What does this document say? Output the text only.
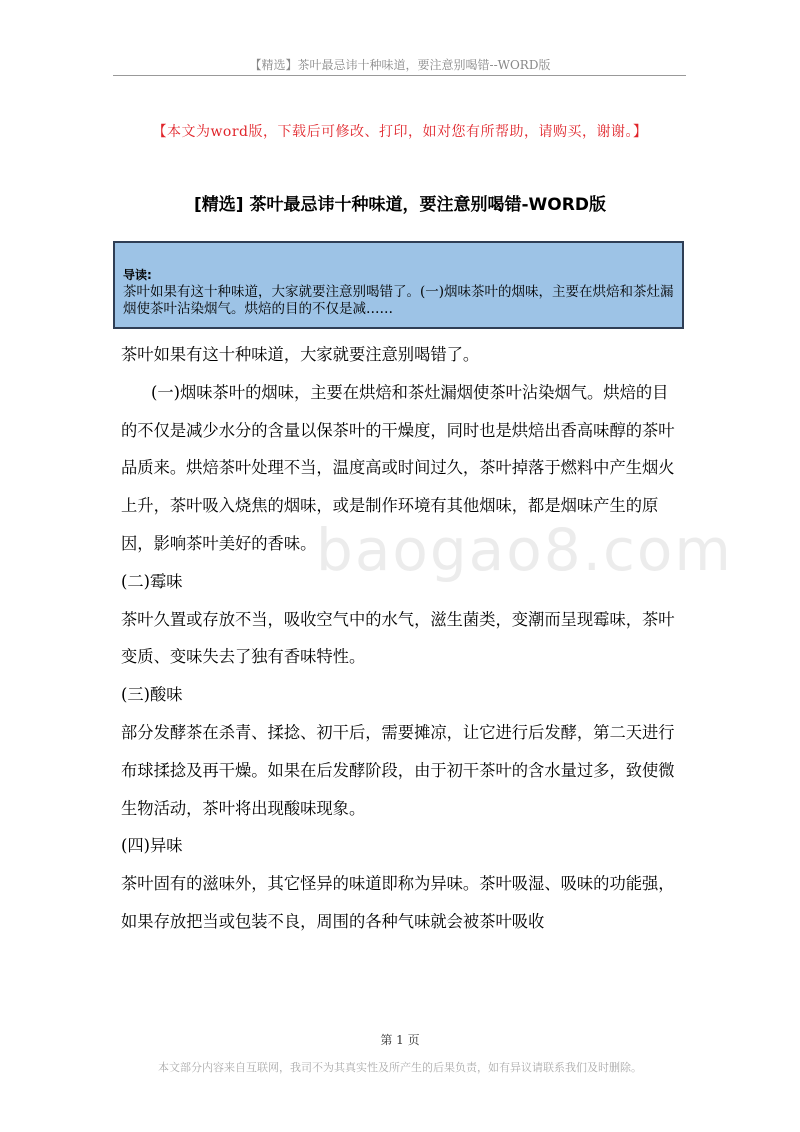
【精选】茶叶最忌讳十种味道，要注意别喝错--WORD版
【本文为word版，下载后可修改、打印，如对您有所帮助，请购买，谢谢。】
[精选] 茶叶最忌讳十种味道，要注意别喝错-WORD版
导读:
茶叶如果有这十种味道，大家就要注意别喝错了。(一)烟味茶叶的烟味，主要在烘焙和茶灶漏烟使茶叶沾染烟气。烘焙的目的不仅是减……

茶叶如果有这十种味道，大家就要注意别喝错了。

(一)烟味茶叶的烟味，主要在烘焙和茶灶漏烟使茶叶沾染烟气。烘焙的目的不仅是减少水分的含量以保茶叶的干燥度，同时也是烘焙出香高味醇的茶叶品质来。烘焙茶叶处理不当，温度高或时间过久，茶叶掉落于燃料中产生烟火上升，茶叶吸入烧焦的烟味，或是制作环境有其他烟味，都是烟味产生的原因，影响茶叶美好的香味。

(二)霉味

茶叶久置或存放不当，吸收空气中的水气，滋生菌类，变潮而呈现霉味，茶叶变质、变味失去了独有香味特性。

(三)酸味

部分发酵茶在杀青、揉捻、初干后，需要摊凉，让它进行后发酵，第二天进行布球揉捻及再干燥。如果在后发酵阶段，由于初干茶叶的含水量过多，致使微生物活动，茶叶将出现酸味现象。

(四)异味

茶叶固有的滋味外，其它怪异的味道即称为异味。茶叶吸湿、吸味的功能强，如果存放把当或包装不良，周围的各种气味就会被茶叶吸收

baogao8.com
第 1 页
本文部分内容来自互联网，我司不为其真实性及所产生的后果负责，如有异议请联系我们及时删除。
